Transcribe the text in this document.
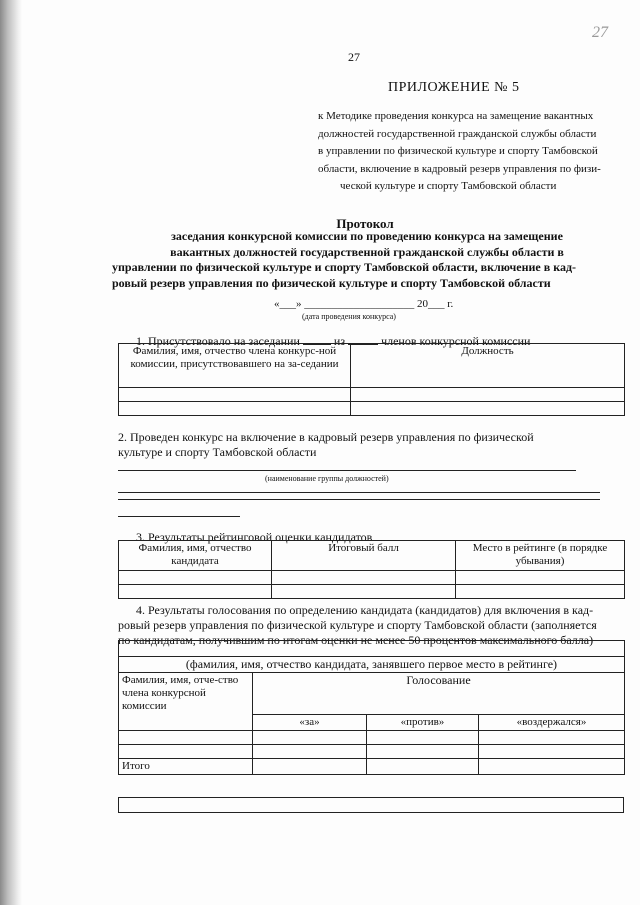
27
27
ПРИЛОЖЕНИЕ № 5
к Методике проведения конкурса на замещение вакантных
должностей государственной гражданской службы области
в управлении по физической культуре и спорту Тамбовской
области, включение в кадровый резерв управления по физи-
ческой культуре и спорту Тамбовской области
Протокол
заседания конкурсной комиссии по проведению конкурса на замещение
вакантных должностей государственной гражданской службы области в
управлении по физической культуре и спорту Тамбовской области, включение в кад-
ровый резерв управления по физической культуре и спорту Тамбовской области
«___» ____________________ 20___ г.
(дата проведения конкурса)
1. Присутствовало на заседании	из	членов конкурсной комиссии
Фамилия, имя, отчество члена конкурс-ной комиссии, присутствовавшего на за-седании	Должность

2. Проведен конкурс на включение в кадровый резерв управления по физической
культуре и спорту Тамбовской области
(наименование группы должностей)
3. Результаты рейтинговой оценки кандидатов
Фамилия, имя, отчество кандидата	Итоговый балл	Место в рейтинге (в порядке убывания)

4. Результаты голосования по определению кандидата (кандидатов) для включения в кад-
ровый резерв управления по физической культуре и спорту Тамбовской области (заполняется
по кандидатам, получившим по итогам оценки не менее 50 процентов максимального балла)

(фамилия, имя, отчество кандидата, занявшего первое место в рейтинге)			
Фамилия, имя, отче-ство члена конкурсной комиссии	Голосование		
	«за»	«против»	«воздержался»

Итого			
